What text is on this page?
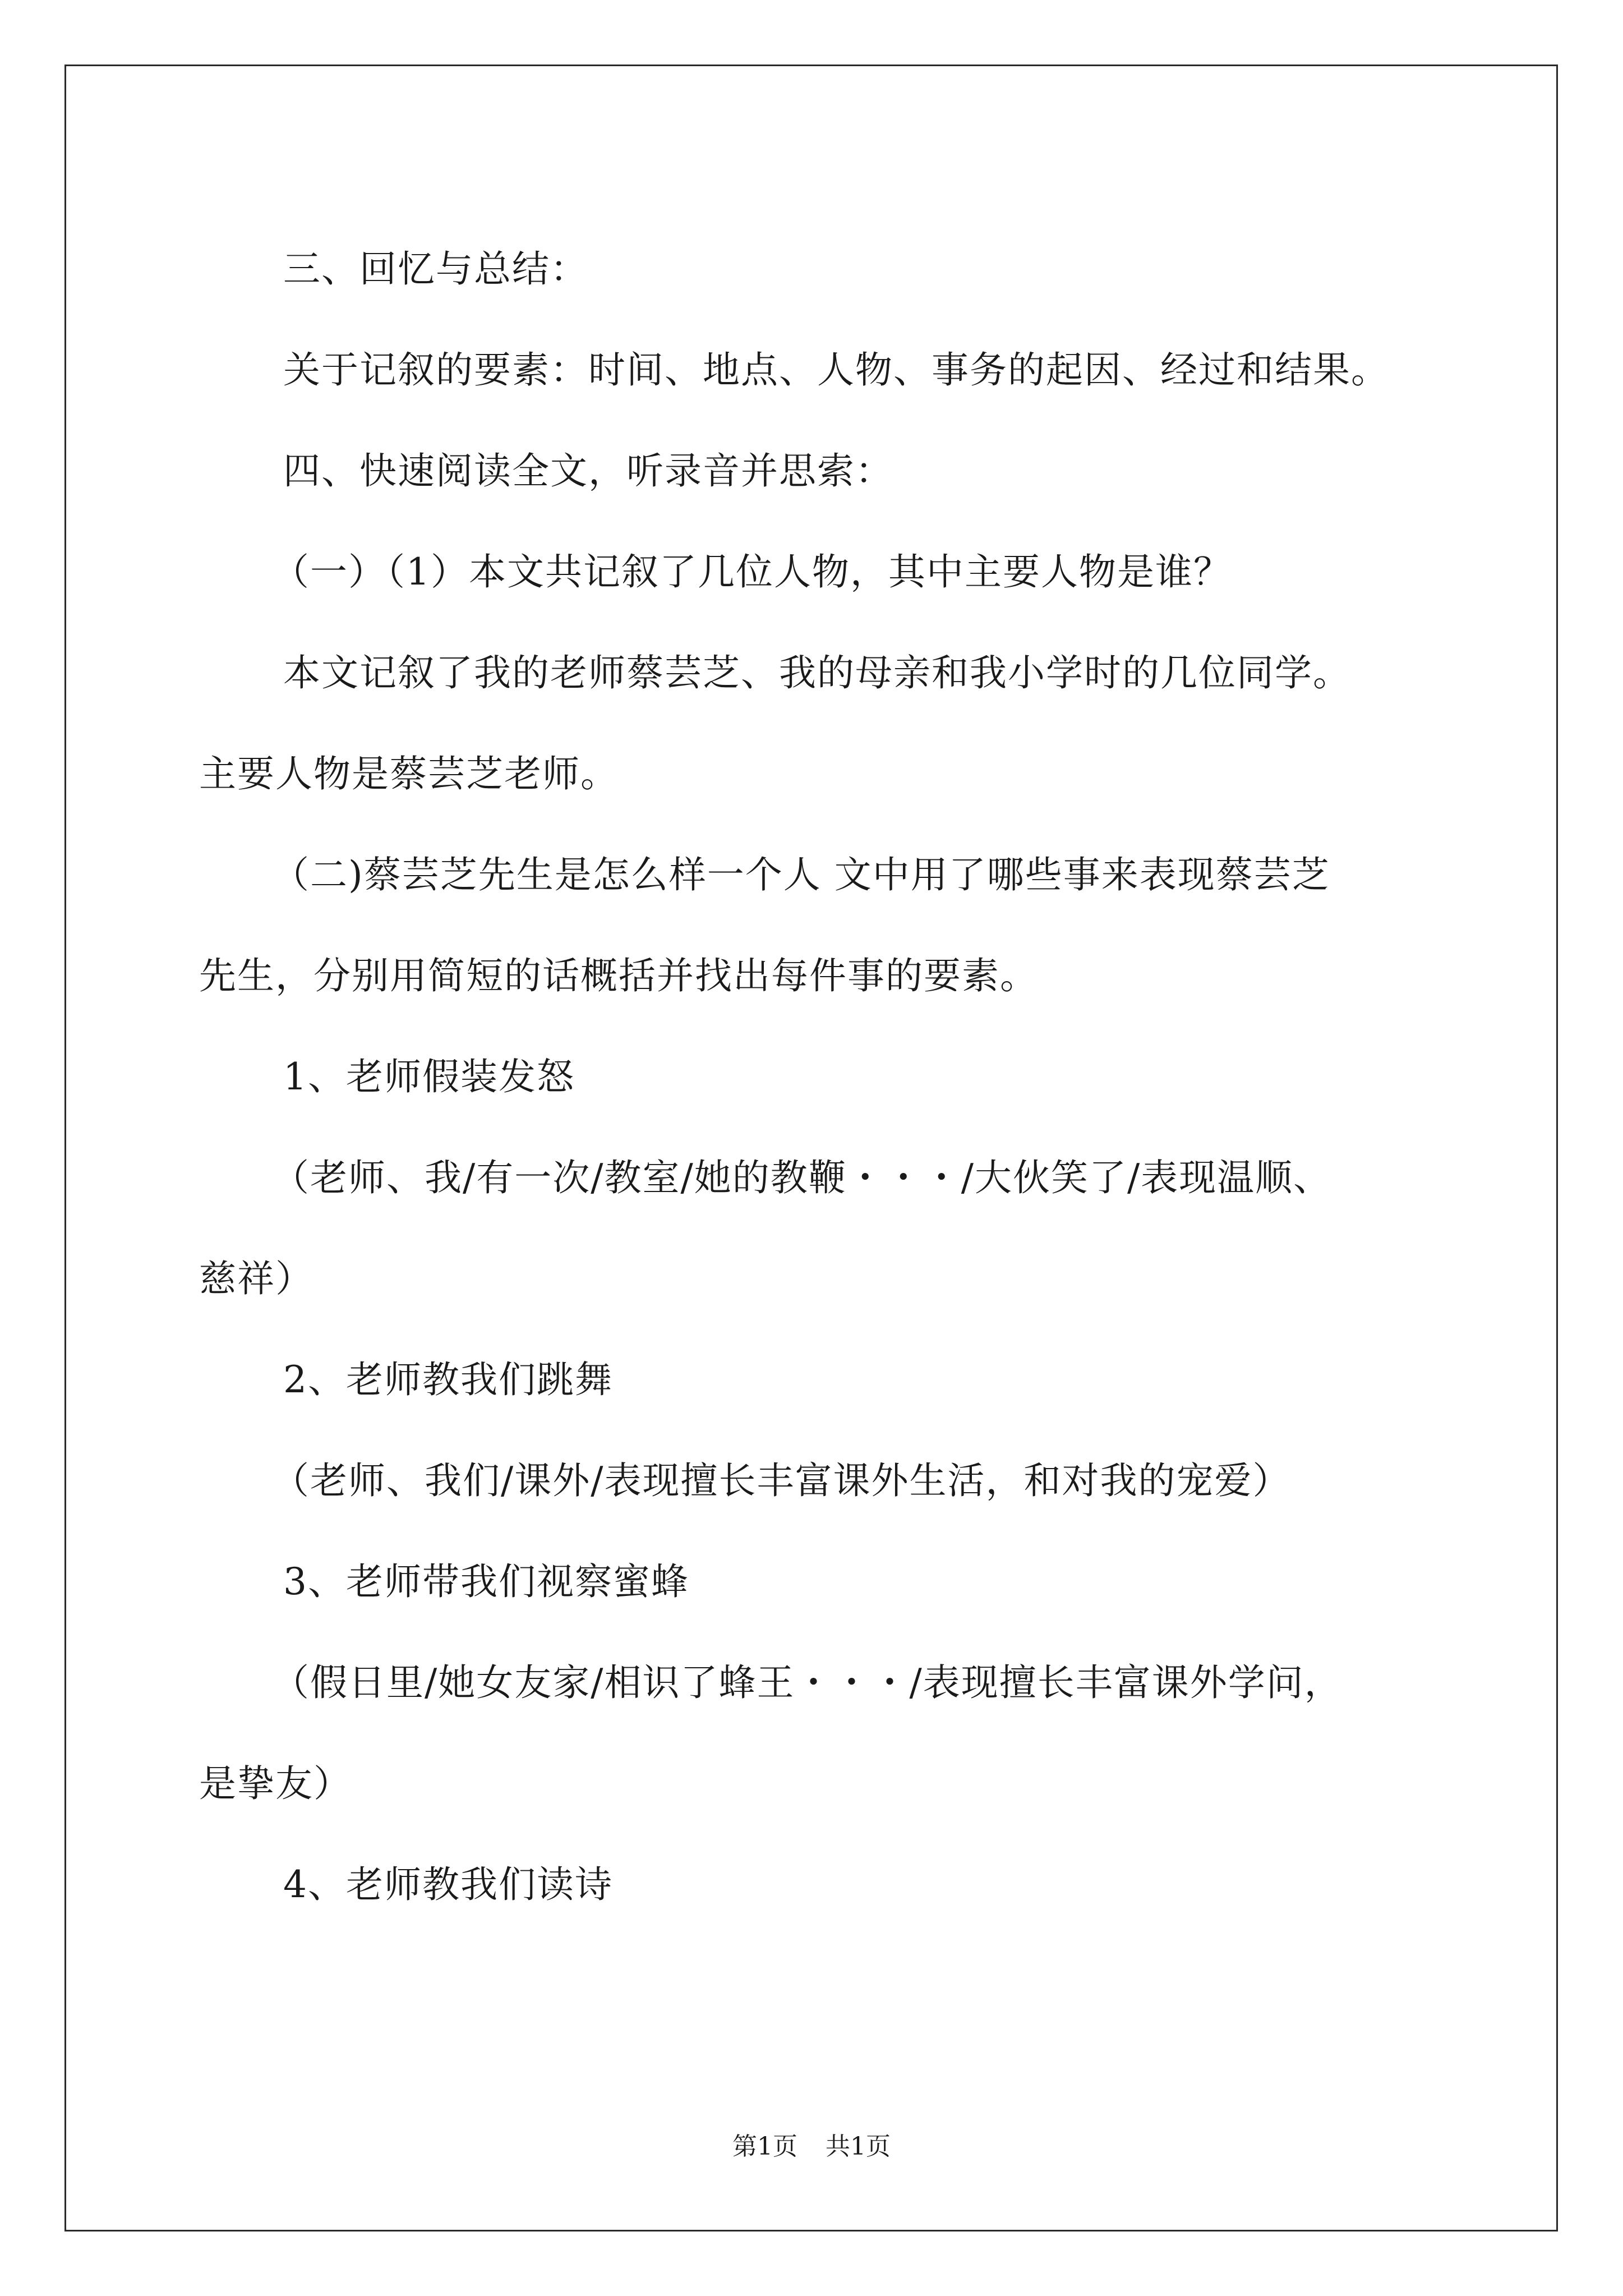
三、回忆与总结：

关于记叙的要素：时间、地点、人物、事务的起因、经过和结果。

四、快速阅读全文，听录音并思索：

（一）（1）本文共记叙了几位人物，其中主要人物是谁？

本文记叙了我的老师蔡芸芝、我的母亲和我小学时的几位同学。

主要人物是蔡芸芝老师。

（二)蔡芸芝先生是怎么样一个人 文中用了哪些事来表现蔡芸芝

先生，分别用简短的话概括并找出每件事的要素。

1、老师假装发怒

（老师、我/有一次/教室/她的教鞭・・・/大伙笑了/表现温顺、

慈祥）

2、老师教我们跳舞

（老师、我们/课外/表现擅长丰富课外生活，和对我的宠爱）

3、老师带我们视察蜜蜂

（假日里/她女友家/相识了蜂王・・・/表现擅长丰富课外学问，

是挚友）

4、老师教我们读诗

第1页 共1页
